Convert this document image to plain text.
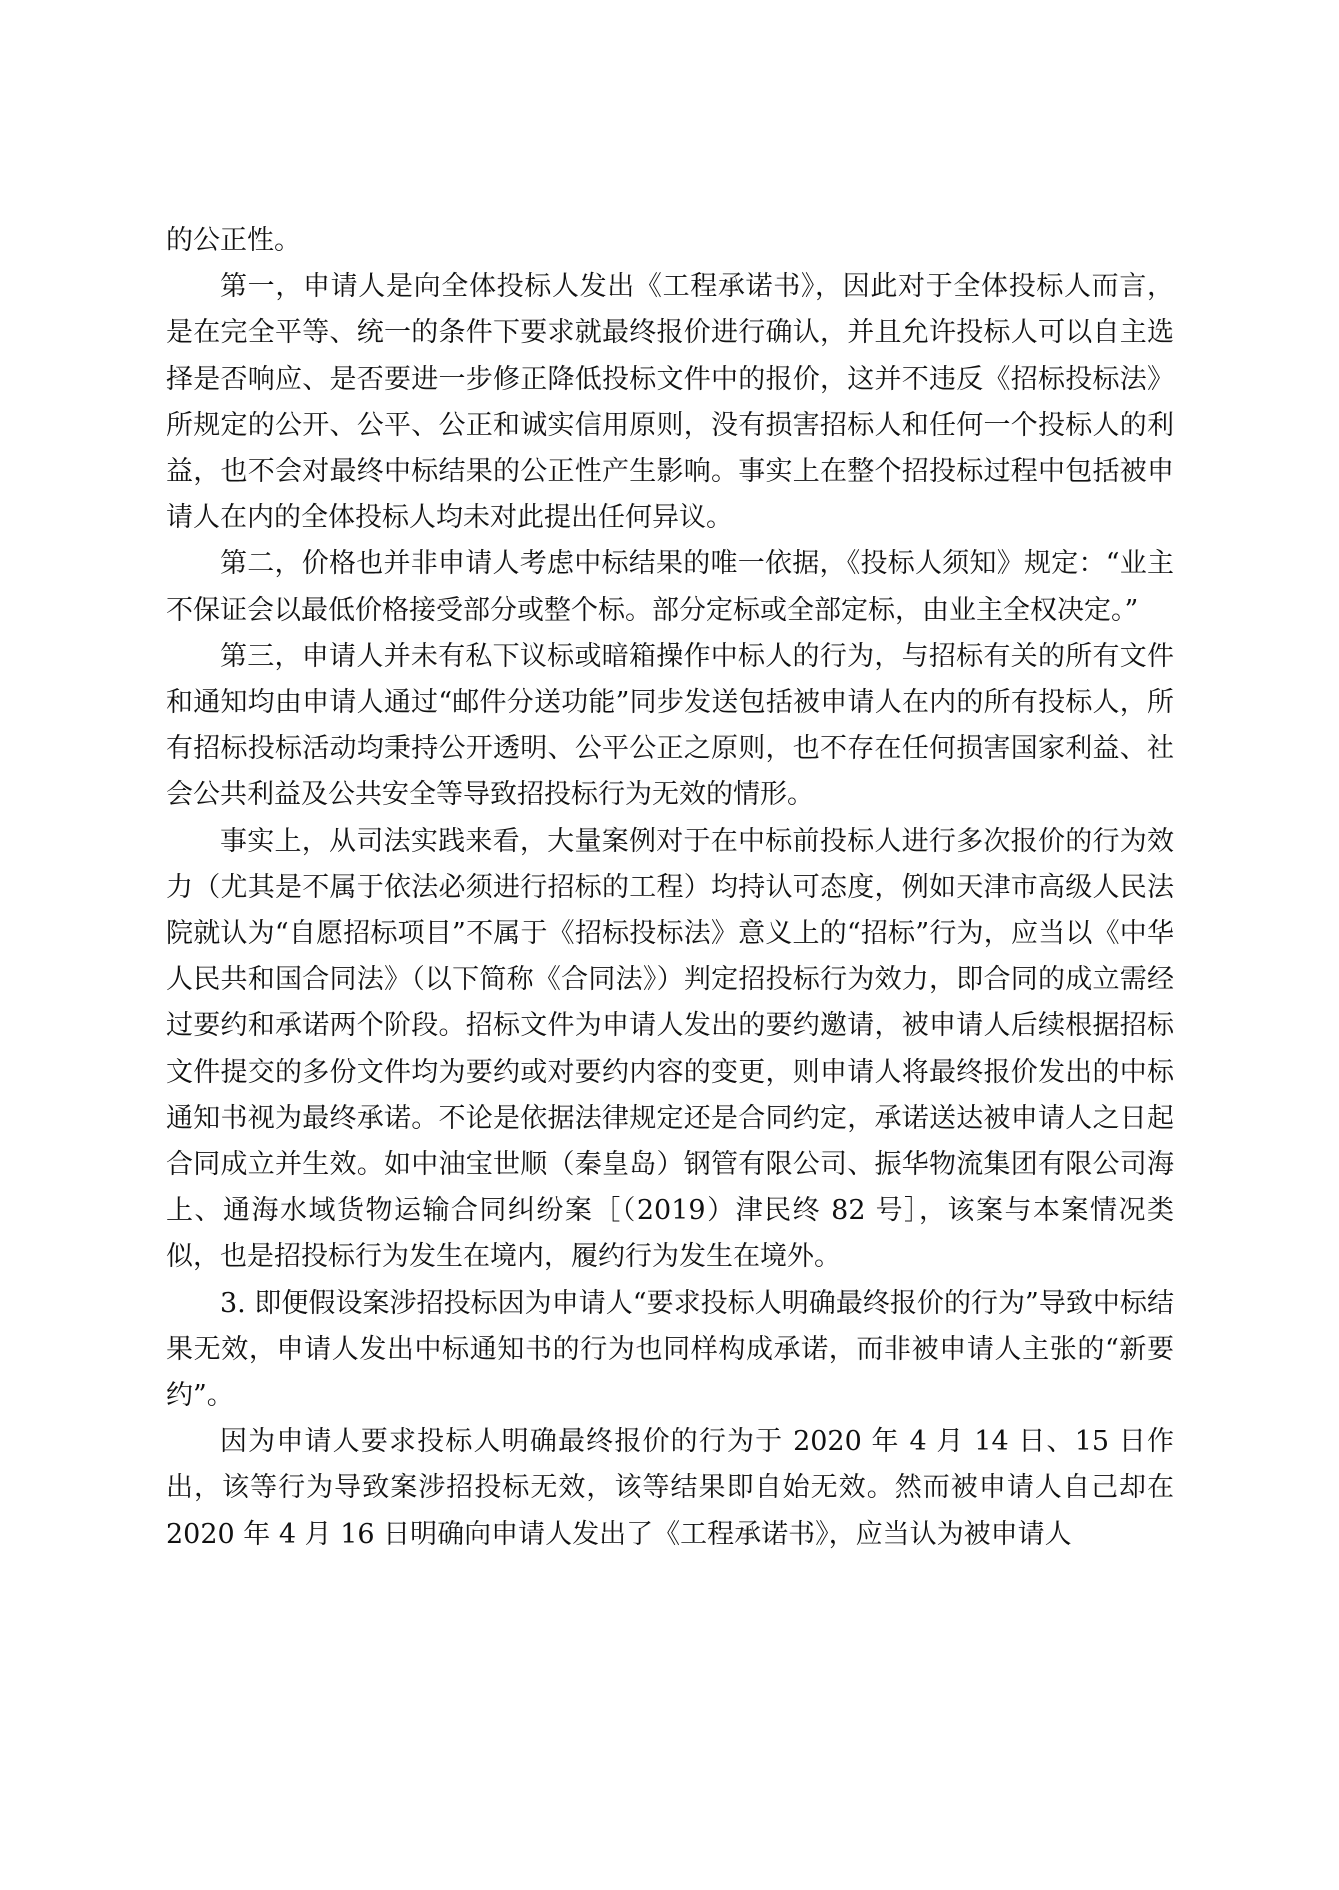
的公正性。

第一，申请人是向全体投标人发出《工程承诺书》，因此对于全体投标人而言，是在完全平等、统一的条件下要求就最终报价进行确认，并且允许投标人可以自主选择是否响应、是否要进一步修正降低投标文件中的报价，这并不违反《招标投标法》所规定的公开、公平、公正和诚实信用原则，没有损害招标人和任何一个投标人的利益，也不会对最终中标结果的公正性产生影响。事实上在整个招投标过程中包括被申请人在内的全体投标人均未对此提出任何异议。

第二，价格也并非申请人考虑中标结果的唯一依据，《投标人须知》规定：“业主不保证会以最低价格接受部分或整个标。部分定标或全部定标，由业主全权决定。”

第三，申请人并未有私下议标或暗箱操作中标人的行为，与招标有关的所有文件和通知均由申请人通过“邮件分送功能”同步发送包括被申请人在内的所有投标人，所有招标投标活动均秉持公开透明、公平公正之原则，也不存在任何损害国家利益、社会公共利益及公共安全等导致招投标行为无效的情形。

事实上，从司法实践来看，大量案例对于在中标前投标人进行多次报价的行为效力（尤其是不属于依法必须进行招标的工程）均持认可态度，例如天津市高级人民法院就认为“自愿招标项目”不属于《招标投标法》意义上的“招标”行为，应当以《中华人民共和国合同法》（以下简称《合同法》）判定招投标行为效力，即合同的成立需经过要约和承诺两个阶段。招标文件为申请人发出的要约邀请，被申请人后续根据招标文件提交的多份文件均为要约或对要约内容的变更，则申请人将最终报价发出的中标通知书视为最终承诺。不论是依据法律规定还是合同约定，承诺送达被申请人之日起合同成立并生效。如中油宝世顺（秦皇岛）钢管有限公司、振华物流集团有限公司海上、通海水域货物运输合同纠纷案［（2019）津民终 82 号］，该案与本案情况类似，也是招投标行为发生在境内，履约行为发生在境外。

3. 即便假设案涉招投标因为申请人“要求投标人明确最终报价的行为”导致中标结果无效，申请人发出中标通知书的行为也同样构成承诺，而非被申请人主张的“新要约”。

因为申请人要求投标人明确最终报价的行为于 2020 年 4 月 14 日、15 日作出，该等行为导致案涉招投标无效，该等结果即自始无效。然而被申请人自己却在 2020 年 4 月 16 日明确向申请人发出了《工程承诺书》，应当认为被申请人
